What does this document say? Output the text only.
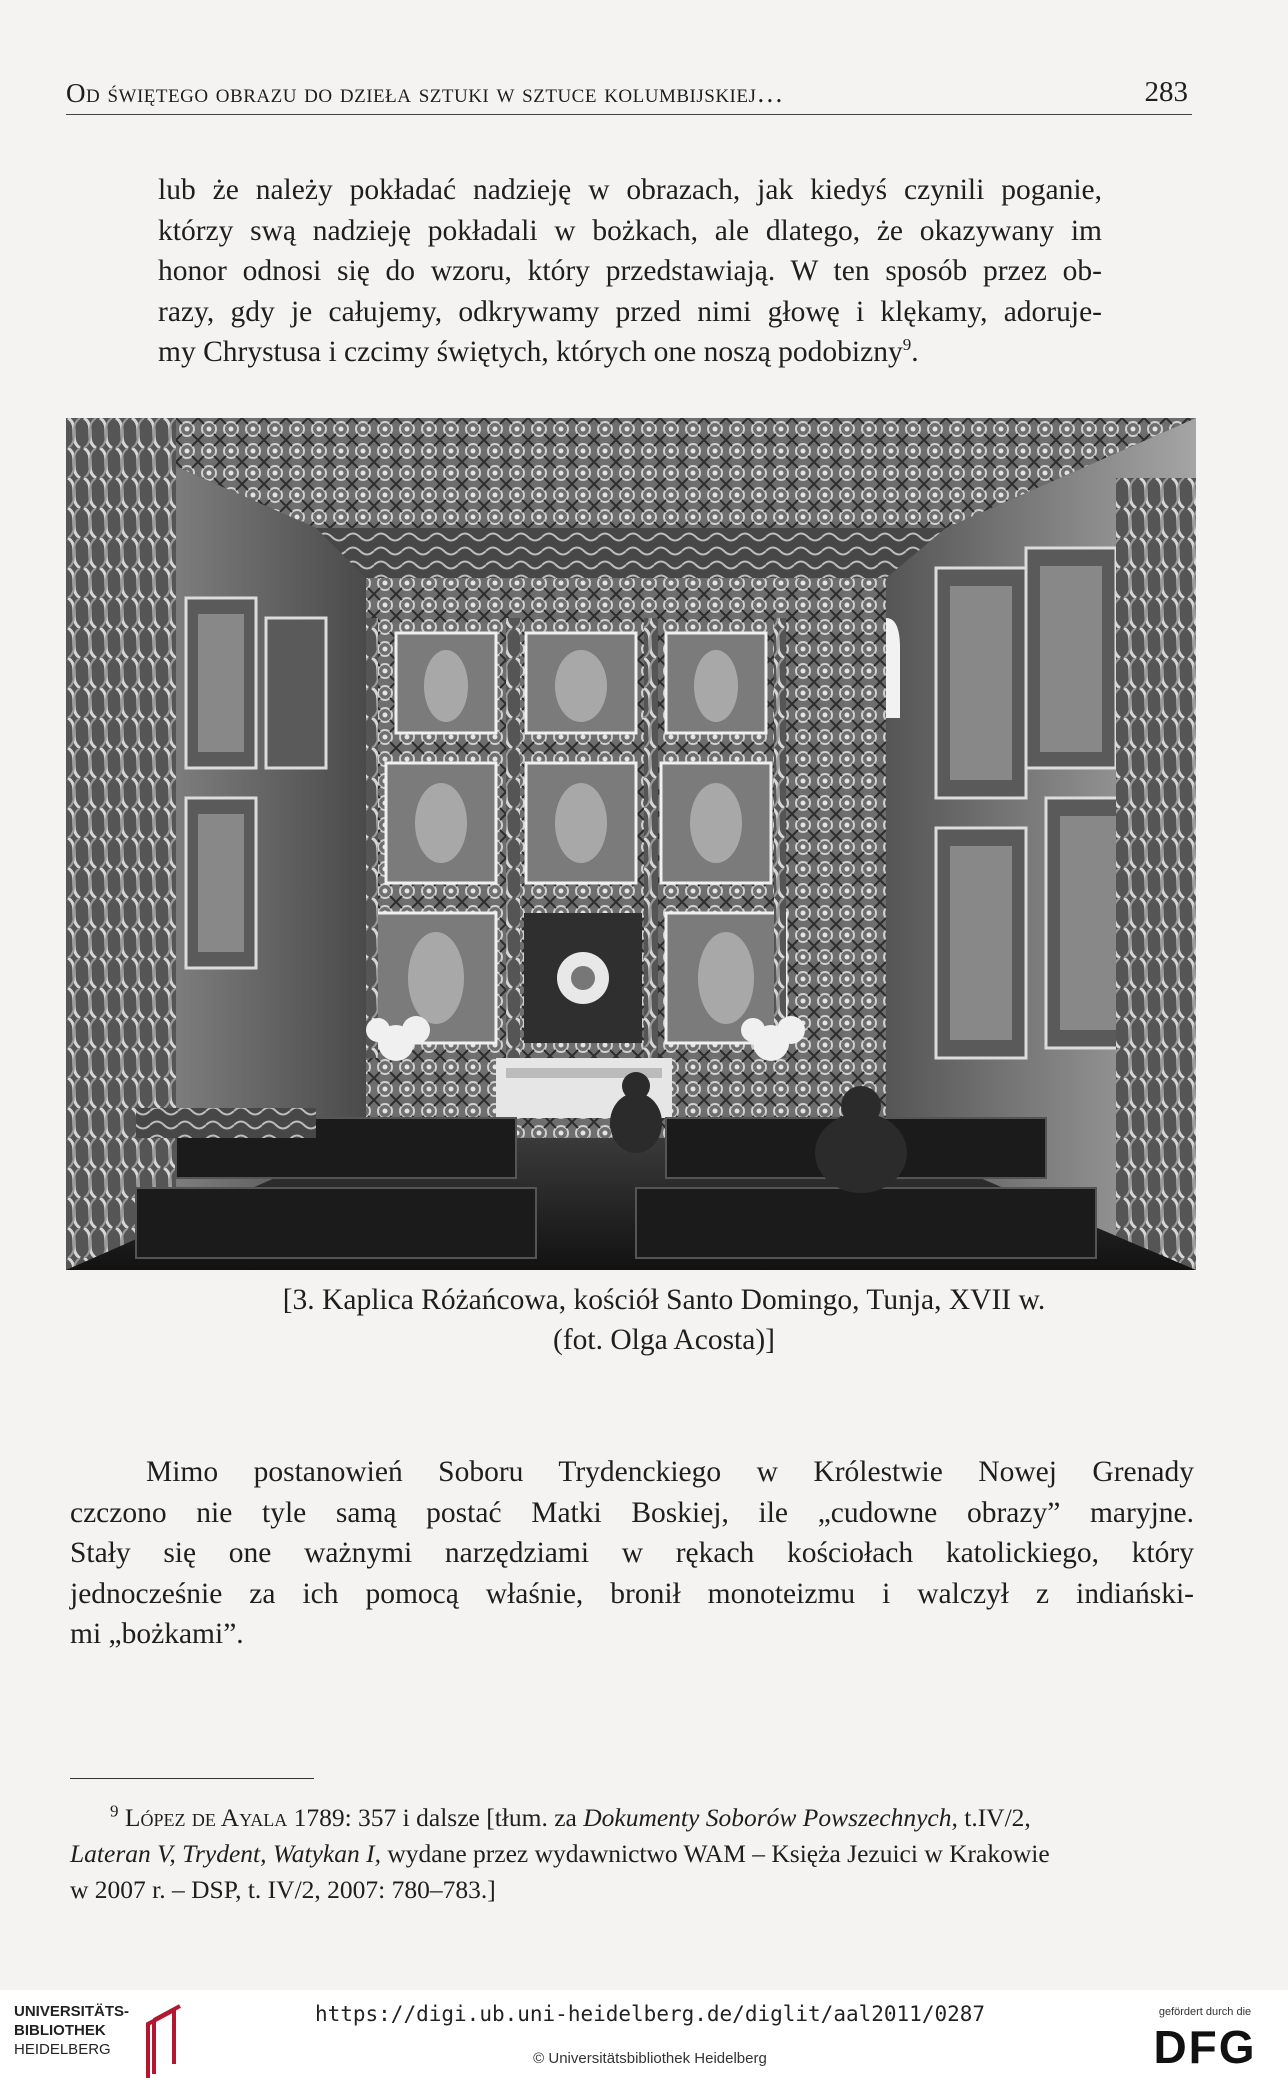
Od świętego obrazu do dzieła sztuki w sztuce kolumbijskiej…	283
lub że należy pokładać nadzieję w obrazach, jak kiedyś czynili poganie,
którzy swą nadzieję pokładali w bożkach, ale dlatego, że okazywany im
honor odnosi się do wzoru, który przedstawiają. W ten sposób przez ob-
razy, gdy je całujemy, odkrywamy przed nimi głowę i klękamy, adoruje-
my Chrystusa i czcimy świętych, których one noszą podobizny$^9$.
[3. Kaplica Różańcowa, kościół Santo Domingo, Tunja, XVII w.
(fot. Olga Acosta)]
Mimo postanowień Soboru Trydenckiego w Królestwie Nowej Grenady
czczono nie tyle samą postać Matki Boskiej, ile „cudowne obrazy” maryjne.
Stały się one ważnymi narzędziami w rękach kościołach katolickiego, który
jednocześnie za ich pomocą właśnie, bronił monoteizmu i walczył z indiański-
mi „bożkami”.
$^9$ López de Ayala 1789: 357 i dalsze [tłum. za Dokumenty Soborów Powszechnych, t.IV/2,
Lateran V, Trydent, Watykan I, wydane przez wydawnictwo WAM – Księża Jezuici w Krakowie
w 2007 r. – DSP, t. IV/2, 2007: 780–783.]
UNIVERSITÄTS-
BIBLIOTHEK
HEIDELBERG
https://digi.ub.uni-heidelberg.de/diglit/aal2011/0287
© Universitätsbibliothek Heidelberg
gefördert durch die
DFG
